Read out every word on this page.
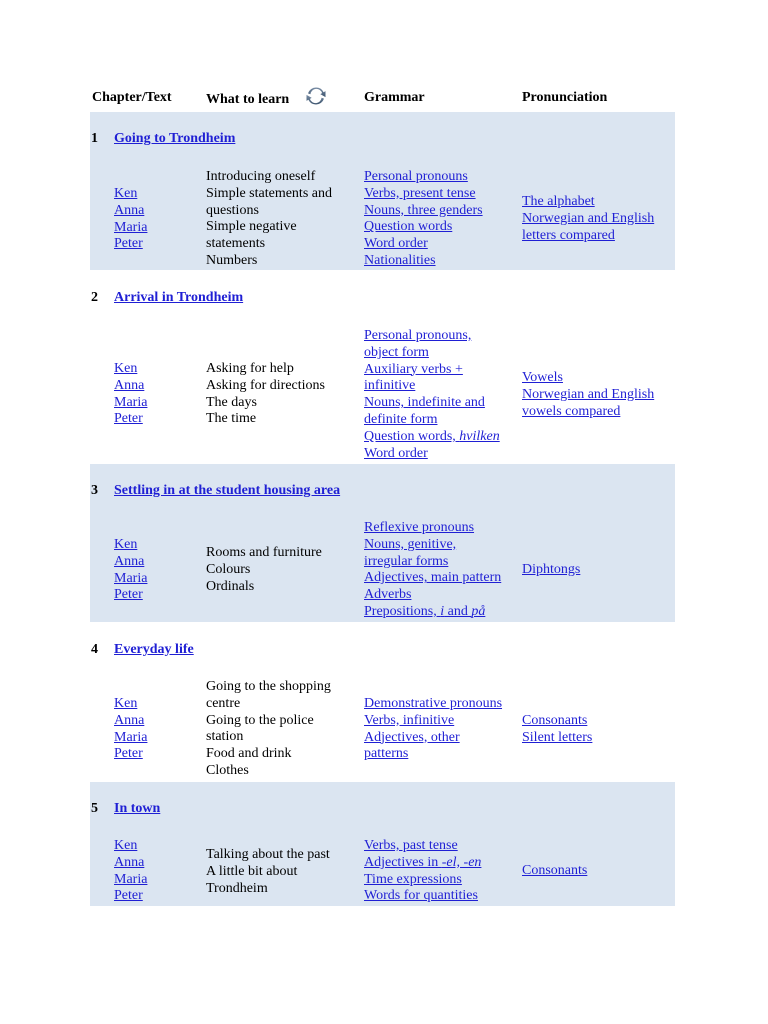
Chapter/Text What to learn	Grammar	Pronunciation
1 Going to Trondheim
Ken
Anna
Maria
Peter
Introducing oneself
Simple statements and
questions
Simple negative
statements
Numbers
Personal pronouns
Verbs, present tense
Nouns, three genders
Question words
Word order
Nationalities
The alphabet
Norwegian and English
letters compared
2 Arrival in Trondheim
Ken
Anna
Maria
Peter
Asking for help
Asking for directions
The days
The time
Personal pronouns,
object form
Auxiliary verbs +
infinitive
Nouns, indefinite and
definite form
Question words, hvilken
Word order
Vowels
Norwegian and English
vowels compared
3 Settling in at the student housing area
Ken
Anna
Maria
Peter
Rooms and furniture
Colours
Ordinals
Reflexive pronouns
Nouns, genitive,
irregular forms
Adjectives, main pattern
Adverbs
Prepositions, i and på
Diphtongs
4 Everyday life
Ken
Anna
Maria
Peter
Going to the shopping
centre
Going to the police
station
Food and drink
Clothes
Demonstrative pronouns
Verbs, infinitive
Adjectives, other
patterns
Consonants
Silent letters
5 In town
Ken
Anna
Maria
Peter
Talking about the past
A little bit about
Trondheim
Verbs, past tense
Adjectives in -el, -en
Time expressions
Words for quantities
Consonants
